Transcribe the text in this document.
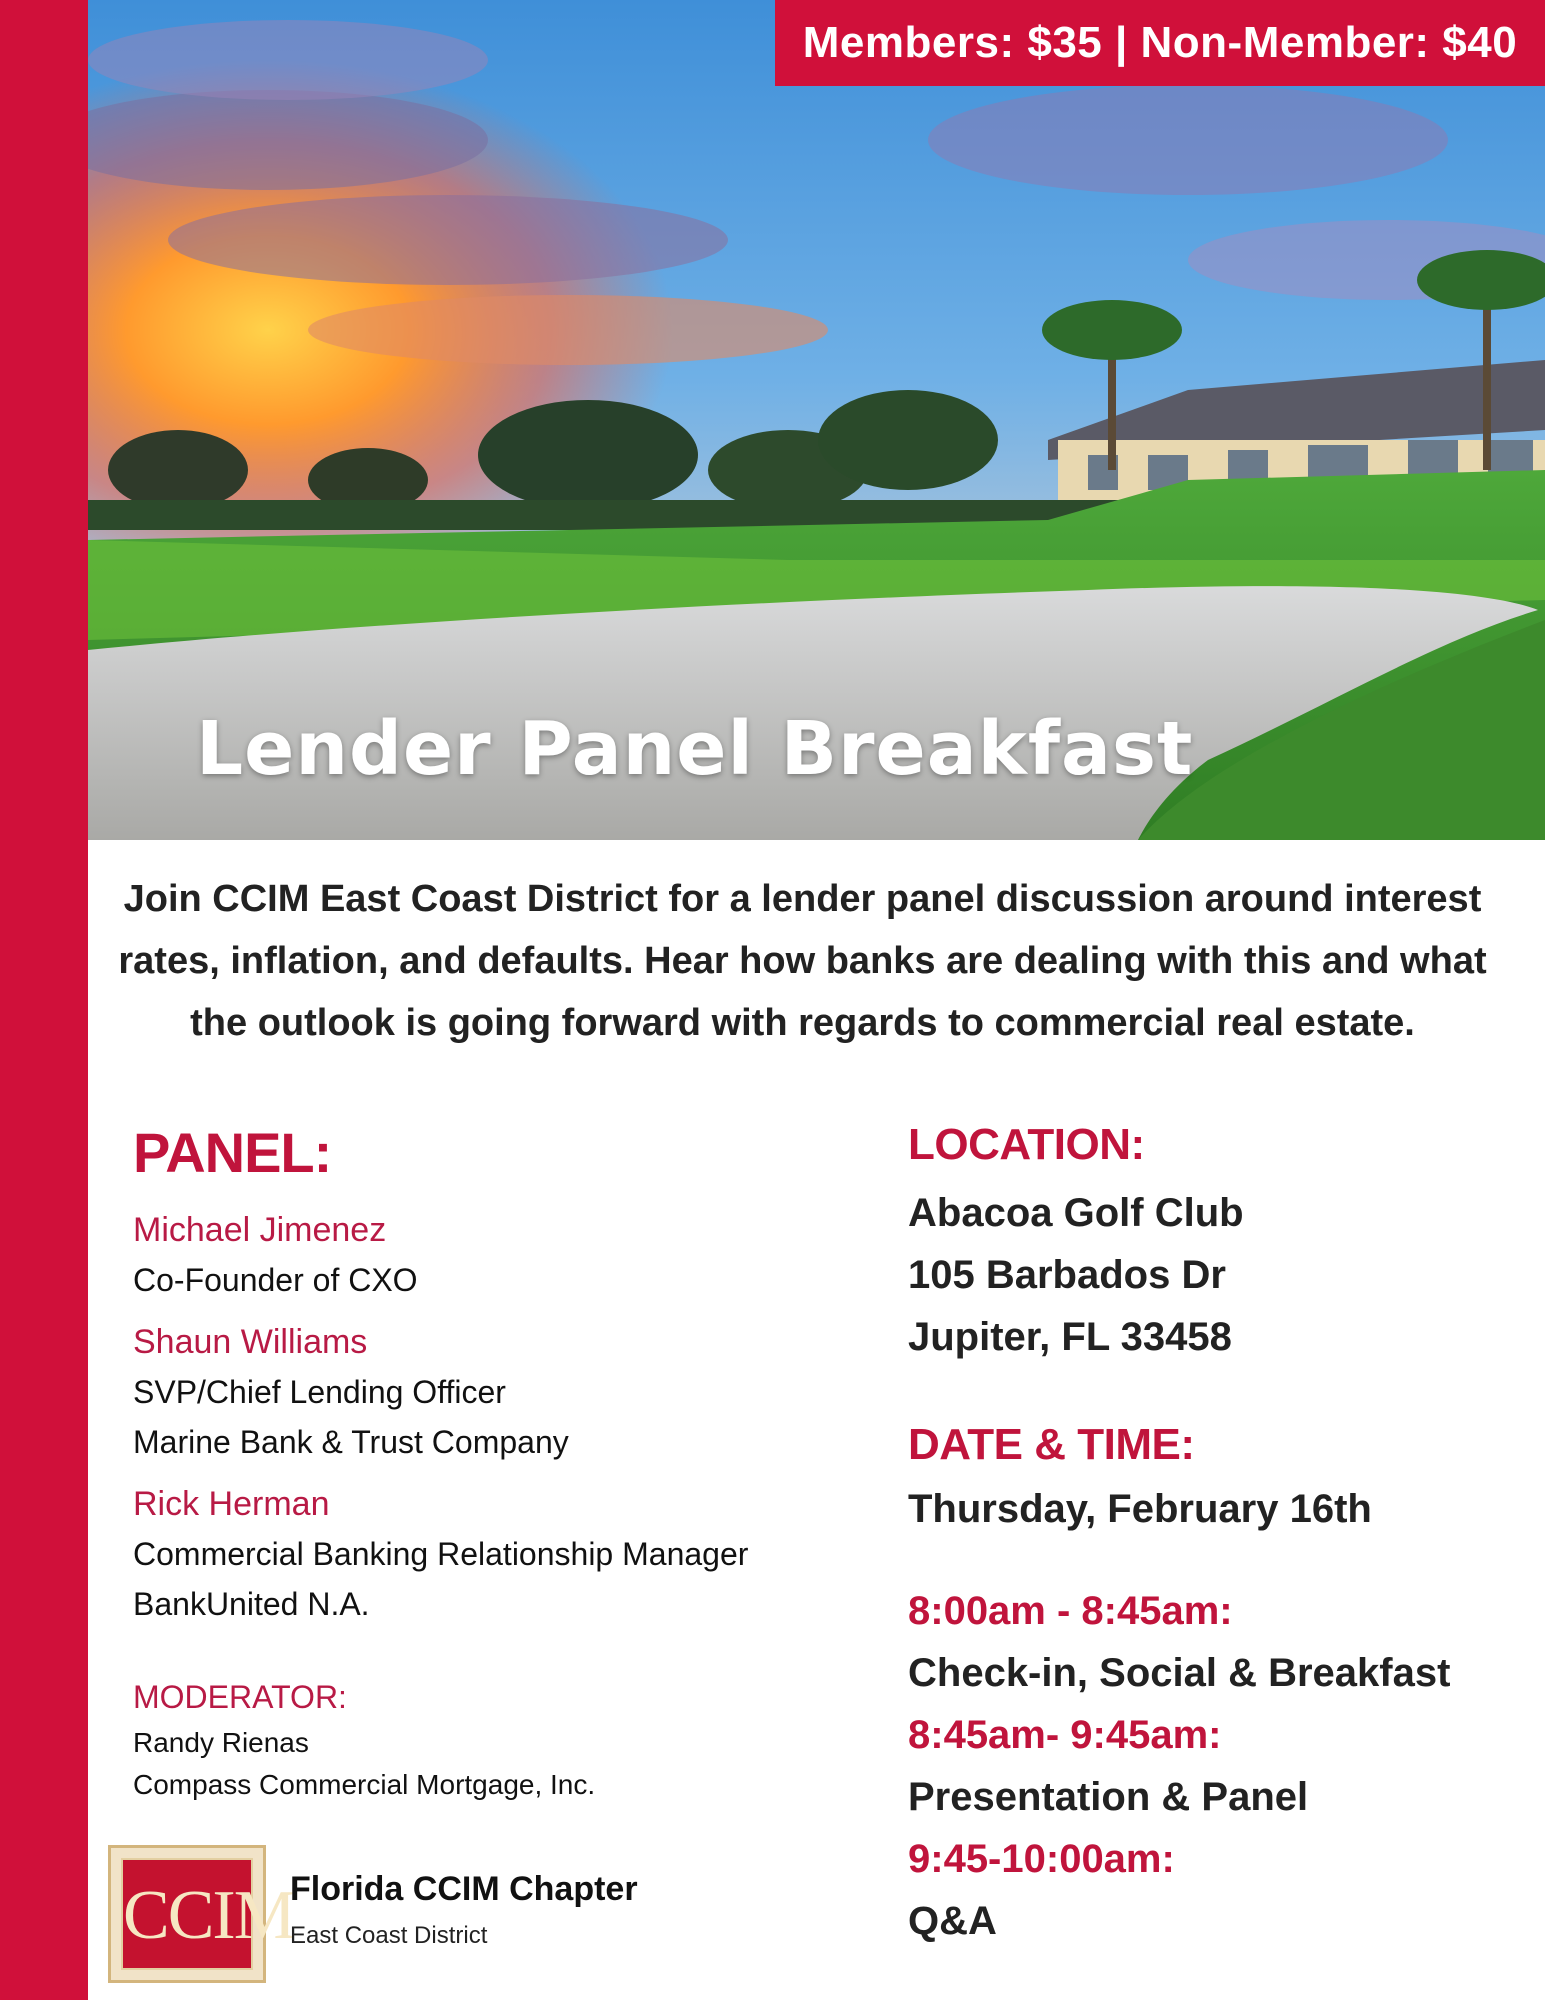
Members: $35 | Non-Member: $40
Lender Panel Breakfast
Join CCIM East Coast District for a lender panel discussion around interest rates, inflation, and defaults. Hear how banks are dealing with this and what the outlook is going forward with regards to commercial real estate.

PANEL:

Michael Jimenez

Co-Founder of CXO

Shaun Williams

SVP/Chief Lending Officer

Marine Bank & Trust Company

Rick Herman

Commercial Banking Relationship Manager

BankUnited N.A.

MODERATOR:

Randy Rienas

Compass Commercial Mortgage, Inc.

LOCATION:

Abacoa Golf Club

105 Barbados Dr

Jupiter, FL 33458

DATE & TIME:

Thursday, February 16th

8:00am - 8:45am:

Check-in, Social & Breakfast

8:45am- 9:45am:

Presentation & Panel

9:45-10:00am:

Q&A

CCIM
Florida CCIM Chapter
East Coast District
